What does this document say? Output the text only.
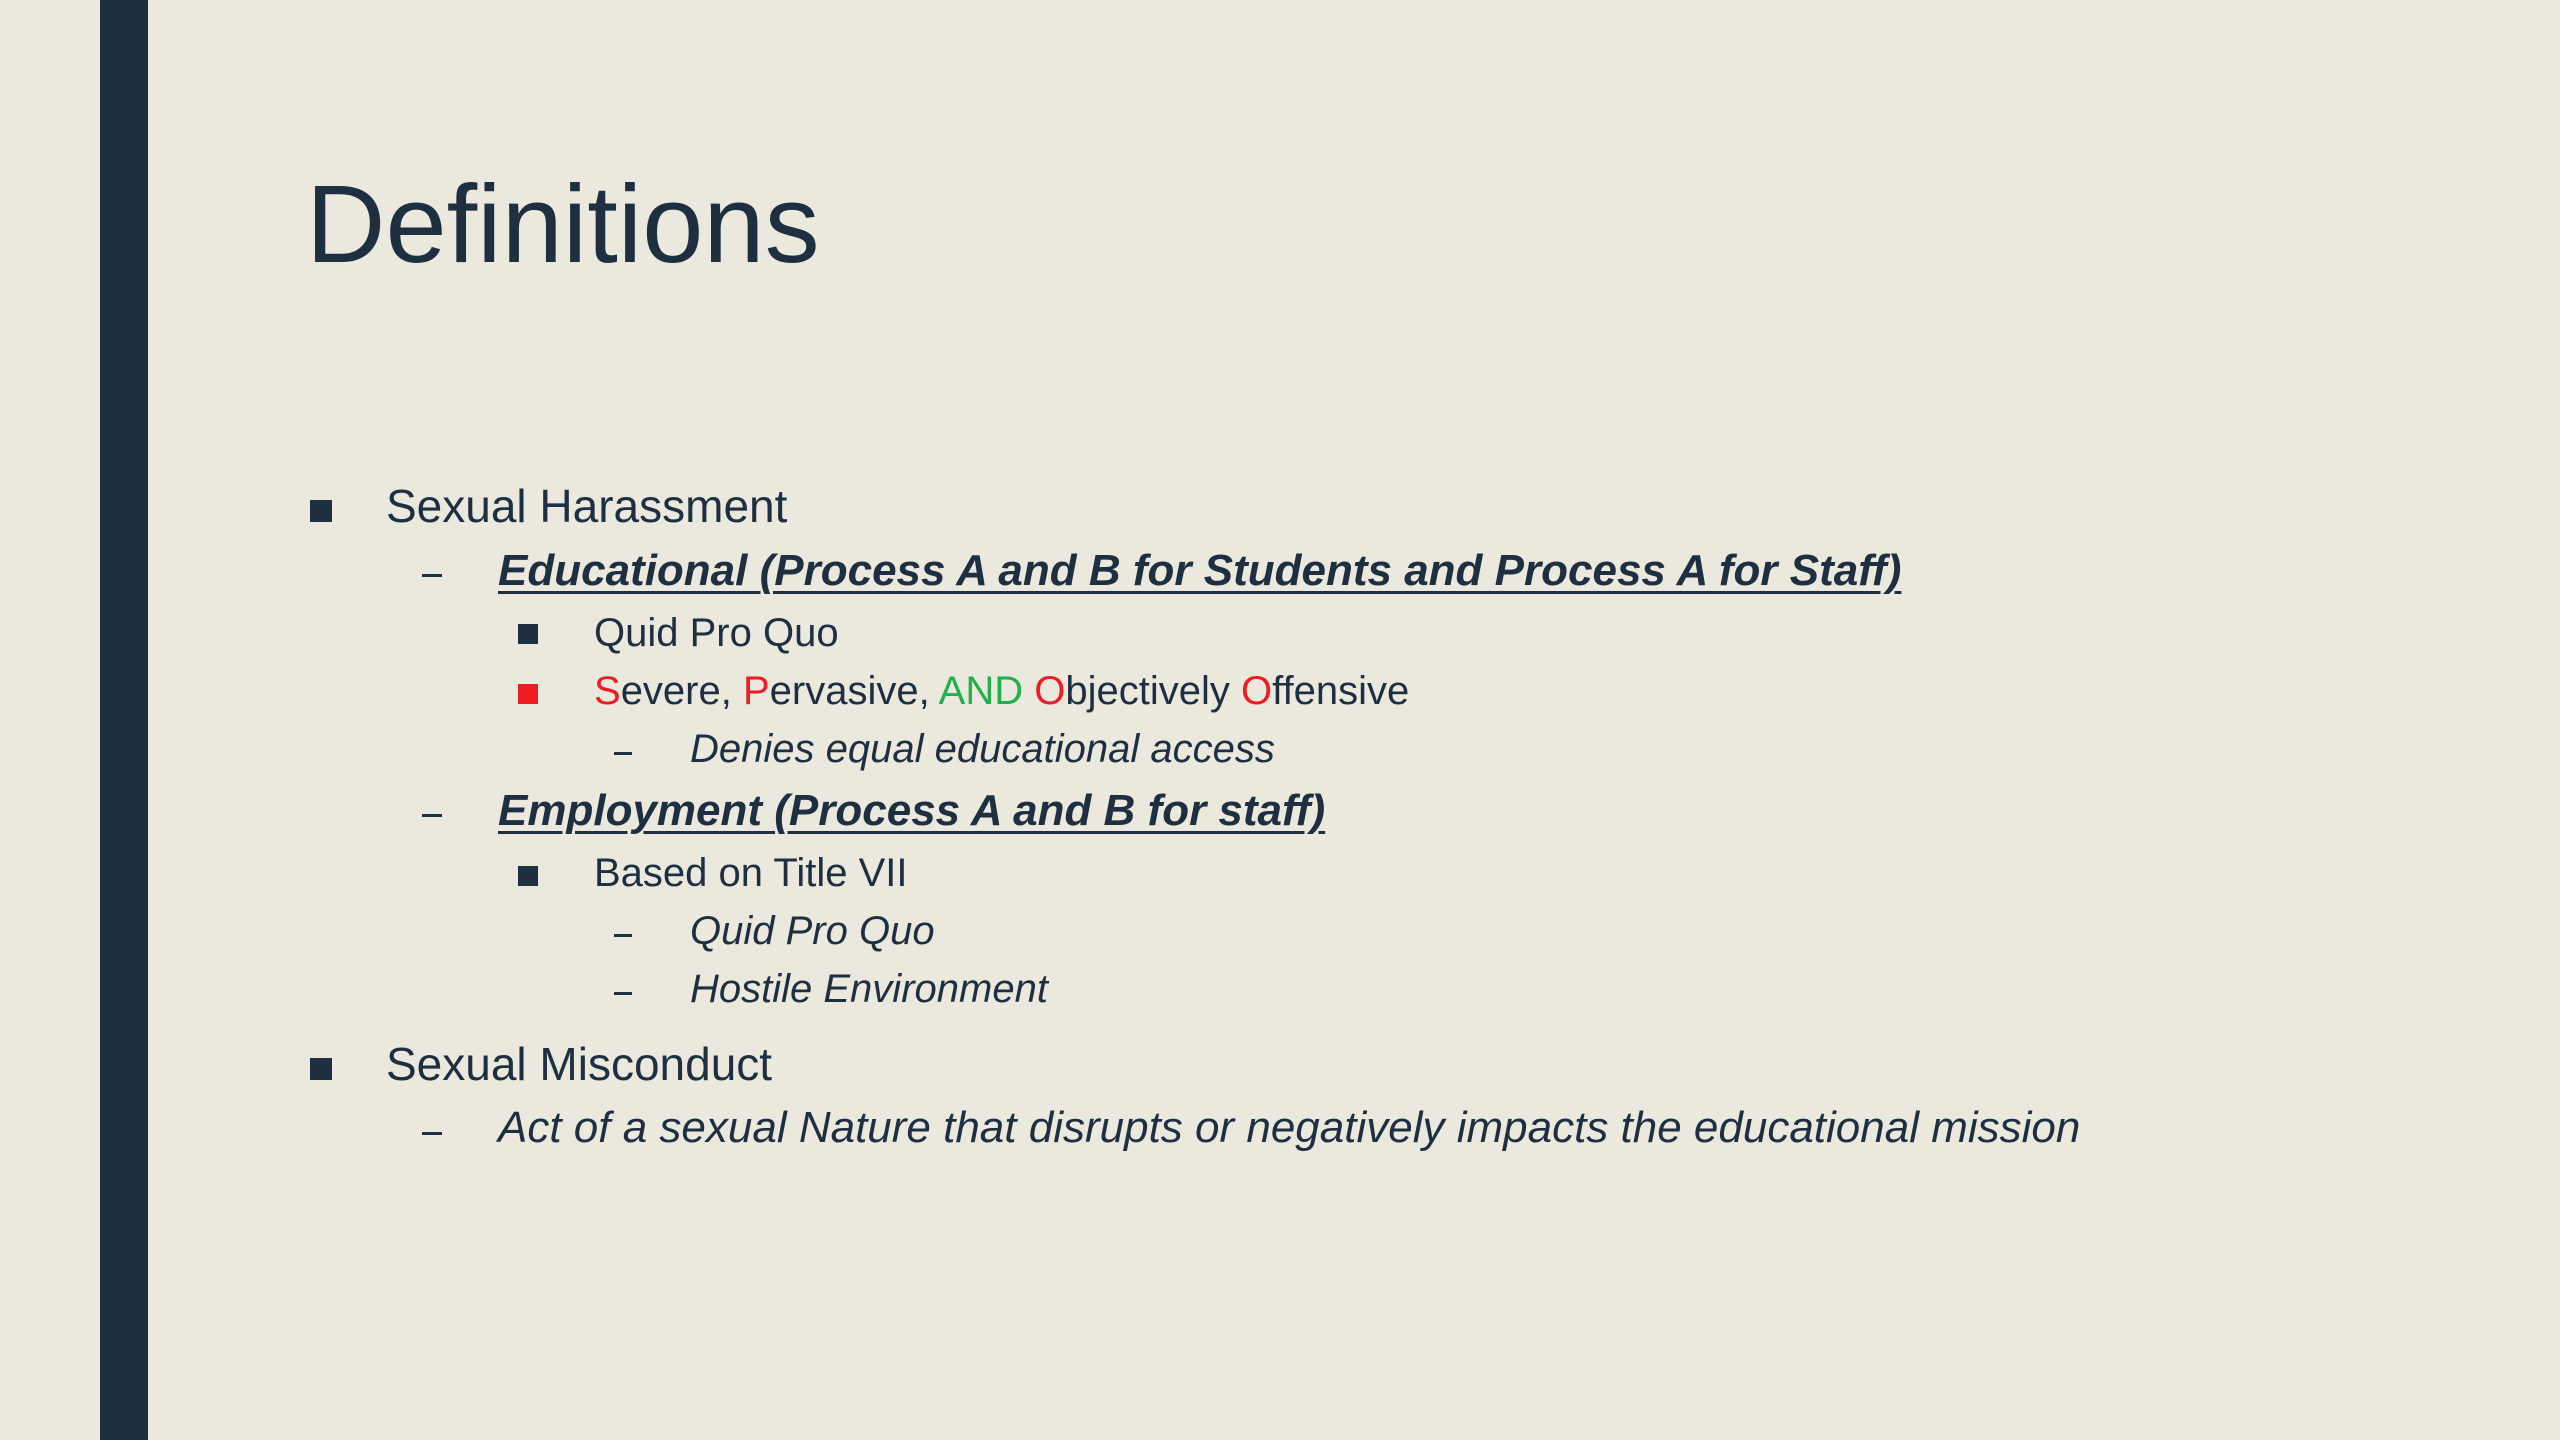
Definitions
Sexual Harassment
Educational (Process A and B for Students and Process A for Staff)
Quid Pro Quo
Severe, Pervasive, AND Objectively Offensive
Denies equal educational access
Employment (Process A and B for staff)
Based on Title VII
Quid Pro Quo
Hostile Environment
Sexual Misconduct
Act of a sexual Nature that disrupts or negatively impacts the educational mission
